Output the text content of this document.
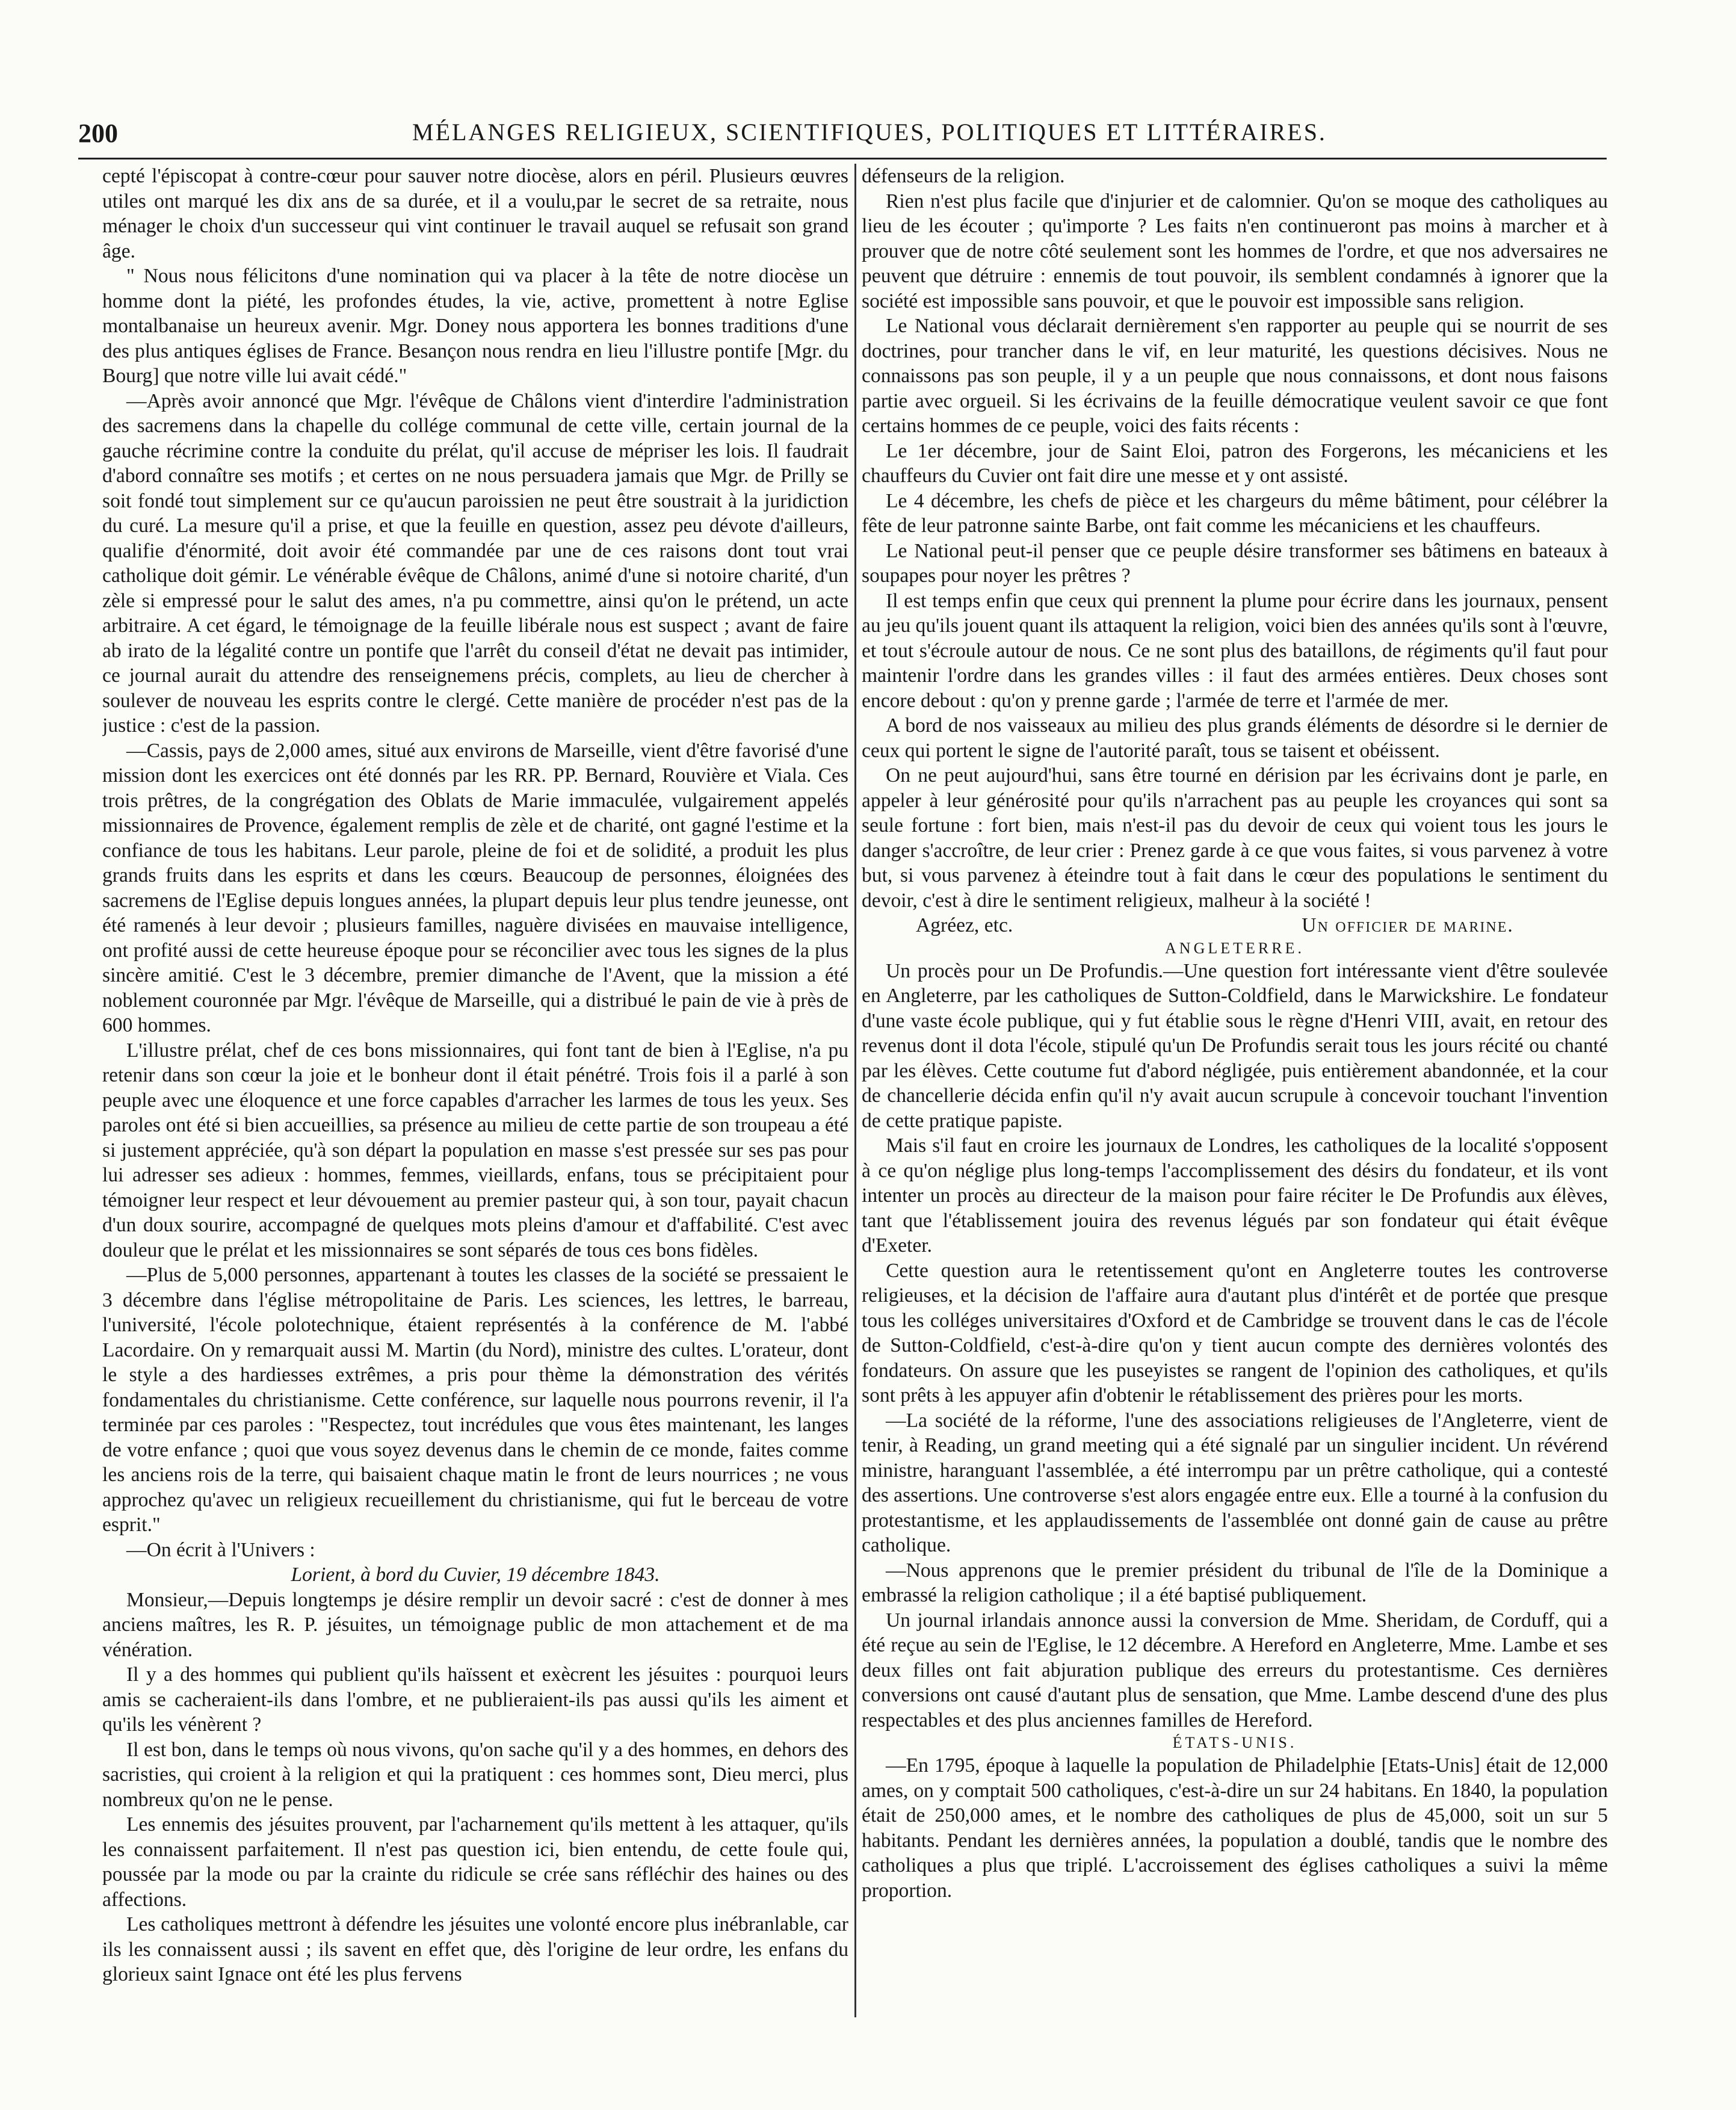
200	MÉLANGES RELIGIEUX, SCIENTIFIQUES, POLITIQUES ET LITTÉRAIRES.

cepté l'épiscopat à contre-cœur pour sauver notre diocèse, alors en péril. Plusieurs œuvres utiles ont marqué les dix ans de sa durée, et il a voulu,par le secret de sa retraite, nous ménager le choix d'un successeur qui vint continuer le travail auquel se refusait son grand âge.

" Nous nous félicitons d'une nomination qui va placer à la tête de notre diocèse un homme dont la piété, les profondes études, la vie, active, promettent à notre Eglise montalbanaise un heureux avenir. Mgr. Doney nous apportera les bonnes traditions d'une des plus antiques églises de France. Besançon nous rendra en lieu l'illustre pontife [Mgr. du Bourg] que notre ville lui avait cédé."

—Après avoir annoncé que Mgr. l'évêque de Châlons vient d'interdire l'administration des sacremens dans la chapelle du collége communal de cette ville, certain journal de la gauche récrimine contre la conduite du prélat, qu'il accuse de mépriser les lois. Il faudrait d'abord connaître ses motifs ; et certes on ne nous persuadera jamais que Mgr. de Prilly se soit fondé tout simplement sur ce qu'aucun paroissien ne peut être soustrait à la juridiction du curé. La mesure qu'il a prise, et que la feuille en question, assez peu dévote d'ailleurs, qualifie d'énormité, doit avoir été commandée par une de ces raisons dont tout vrai catholique doit gémir. Le vénérable évêque de Châlons, animé d'une si notoire charité, d'un zèle si empressé pour le salut des ames, n'a pu commettre, ainsi qu'on le prétend, un acte arbitraire. A cet égard, le témoignage de la feuille libérale nous est suspect ; avant de faire ab irato de la légalité contre un pontife que l'arrêt du conseil d'état ne devait pas intimider, ce journal aurait du attendre des renseignemens précis, complets, au lieu de chercher à soulever de nouveau les esprits contre le clergé. Cette manière de procéder n'est pas de la justice : c'est de la passion.

—Cassis, pays de 2,000 ames, situé aux environs de Marseille, vient d'être favorisé d'une mission dont les exercices ont été donnés par les RR. PP. Bernard, Rouvière et Viala. Ces trois prêtres, de la congrégation des Oblats de Marie immaculée, vulgairement appelés missionnaires de Provence, également remplis de zèle et de charité, ont gagné l'estime et la confiance de tous les habitans. Leur parole, pleine de foi et de solidité, a produit les plus grands fruits dans les esprits et dans les cœurs. Beaucoup de personnes, éloignées des sacremens de l'Eglise depuis longues années, la plupart depuis leur plus tendre jeunesse, ont été ramenés à leur devoir ; plusieurs familles, naguère divisées en mauvaise intelligence, ont profité aussi de cette heureuse époque pour se réconcilier avec tous les signes de la plus sincère amitié. C'est le 3 décembre, premier dimanche de l'Avent, que la mission a été noblement couronnée par Mgr. l'évêque de Marseille, qui a distribué le pain de vie à près de 600 hommes.

L'illustre prélat, chef de ces bons missionnaires, qui font tant de bien à l'Eglise, n'a pu retenir dans son cœur la joie et le bonheur dont il était pénétré. Trois fois il a parlé à son peuple avec une éloquence et une force capables d'arracher les larmes de tous les yeux. Ses paroles ont été si bien accueillies, sa présence au milieu de cette partie de son troupeau a été si justement appréciée, qu'à son départ la population en masse s'est pressée sur ses pas pour lui adresser ses adieux : hommes, femmes, vieillards, enfans, tous se précipitaient pour témoigner leur respect et leur dévouement au premier pasteur qui, à son tour, payait chacun d'un doux sourire, accompagné de quelques mots pleins d'amour et d'affabilité. C'est avec douleur que le prélat et les missionnaires se sont séparés de tous ces bons fidèles.

—Plus de 5,000 personnes, appartenant à toutes les classes de la société se pressaient le 3 décembre dans l'église métropolitaine de Paris. Les sciences, les lettres, le barreau, l'université, l'école polotechnique, étaient représentés à la conférence de M. l'abbé Lacordaire. On y remarquait aussi M. Martin (du Nord), ministre des cultes. L'orateur, dont le style a des hardiesses extrêmes, a pris pour thème la démonstration des vérités fondamentales du christianisme. Cette conférence, sur laquelle nous pourrons revenir, il l'a terminée par ces paroles : "Respectez, tout incrédules que vous êtes maintenant, les langes de votre enfance ; quoi que vous soyez devenus dans le chemin de ce monde, faites comme les anciens rois de la terre, qui baisaient chaque matin le front de leurs nourrices ; ne vous approchez qu'avec un religieux recueillement du christianisme, qui fut le berceau de votre esprit."

—On écrit à l'Univers :

Lorient, à bord du Cuvier, 19 décembre 1843.

Monsieur,—Depuis longtemps je désire remplir un devoir sacré : c'est de donner à mes anciens maîtres, les R. P. jésuites, un témoignage public de mon attachement et de ma vénération.

Il y a des hommes qui publient qu'ils haïssent et exècrent les jésuites : pourquoi leurs amis se cacheraient-ils dans l'ombre, et ne publieraient-ils pas aussi qu'ils les aiment et qu'ils les vénèrent ?

Il est bon, dans le temps où nous vivons, qu'on sache qu'il y a des hommes, en dehors des sacristies, qui croient à la religion et qui la pratiquent : ces hommes sont, Dieu merci, plus nombreux qu'on ne le pense.

Les ennemis des jésuites prouvent, par l'acharnement qu'ils mettent à les attaquer, qu'ils les connaissent parfaitement. Il n'est pas question ici, bien entendu, de cette foule qui, poussée par la mode ou par la crainte du ridicule se crée sans réfléchir des haines ou des affections.

Les catholiques mettront à défendre les jésuites une volonté encore plus inébranlable, car ils les connaissent aussi ; ils savent en effet que, dès l'origine de leur ordre, les enfans du glorieux saint Ignace ont été les plus fervens

défenseurs de la religion.

Rien n'est plus facile que d'injurier et de calomnier. Qu'on se moque des catholiques au lieu de les écouter ; qu'importe ? Les faits n'en continueront pas moins à marcher et à prouver que de notre côté seulement sont les hommes de l'ordre, et que nos adversaires ne peuvent que détruire : ennemis de tout pouvoir, ils semblent condamnés à ignorer que la société est impossible sans pouvoir, et que le pouvoir est impossible sans religion.

Le National vous déclarait dernièrement s'en rapporter au peuple qui se nourrit de ses doctrines, pour trancher dans le vif, en leur maturité, les questions décisives. Nous ne connaissons pas son peuple, il y a un peuple que nous connaissons, et dont nous faisons partie avec orgueil. Si les écrivains de la feuille démocratique veulent savoir ce que font certains hommes de ce peuple, voici des faits récents :

Le 1er décembre, jour de Saint Eloi, patron des Forgerons, les mécaniciens et les chauffeurs du Cuvier ont fait dire une messe et y ont assisté.

Le 4 décembre, les chefs de pièce et les chargeurs du même bâtiment, pour célébrer la fête de leur patronne sainte Barbe, ont fait comme les mécaniciens et les chauffeurs.

Le National peut-il penser que ce peuple désire transformer ses bâtimens en bateaux à soupapes pour noyer les prêtres ?

Il est temps enfin que ceux qui prennent la plume pour écrire dans les journaux, pensent au jeu qu'ils jouent quant ils attaquent la religion, voici bien des années qu'ils sont à l'œuvre, et tout s'écroule autour de nous. Ce ne sont plus des bataillons, de régiments qu'il faut pour maintenir l'ordre dans les grandes villes : il faut des armées entières. Deux choses sont encore debout : qu'on y prenne garde ; l'armée de terre et l'armée de mer.

A bord de nos vaisseaux au milieu des plus grands éléments de désordre si le dernier de ceux qui portent le signe de l'autorité paraît, tous se taisent et obéissent.

On ne peut aujourd'hui, sans être tourné en dérision par les écrivains dont je parle, en appeler à leur générosité pour qu'ils n'arrachent pas au peuple les croyances qui sont sa seule fortune : fort bien, mais n'est-il pas du devoir de ceux qui voient tous les jours le danger s'accroître, de leur crier : Prenez garde à ce que vous faites, si vous parvenez à votre but, si vous parvenez à éteindre tout à fait dans le cœur des populations le sentiment du devoir, c'est à dire le sentiment religieux, malheur à la société !

Agréez, etc.	Un officier de marine.

ANGLETERRE.

Un procès pour un De Profundis.—Une question fort intéressante vient d'être soulevée en Angleterre, par les catholiques de Sutton-Coldfield, dans le Marwickshire. Le fondateur d'une vaste école publique, qui y fut établie sous le règne d'Henri VIII, avait, en retour des revenus dont il dota l'école, stipulé qu'un De Profundis serait tous les jours récité ou chanté par les élèves. Cette coutume fut d'abord négligée, puis entièrement abandonnée, et la cour de chancellerie décida enfin qu'il n'y avait aucun scrupule à concevoir touchant l'invention de cette pratique papiste.

Mais s'il faut en croire les journaux de Londres, les catholiques de la localité s'opposent à ce qu'on néglige plus long-temps l'accomplissement des désirs du fondateur, et ils vont intenter un procès au directeur de la maison pour faire réciter le De Profundis aux élèves, tant que l'établissement jouira des revenus légués par son fondateur qui était évêque d'Exeter.

Cette question aura le retentissement qu'ont en Angleterre toutes les controverse religieuses, et la décision de l'affaire aura d'autant plus d'intérêt et de portée que presque tous les colléges universitaires d'Oxford et de Cambridge se trouvent dans le cas de l'école de Sutton-Coldfield, c'est-à-dire qu'on y tient aucun compte des dernières volontés des fondateurs. On assure que les puseyistes se rangent de l'opinion des catholiques, et qu'ils sont prêts à les appuyer afin d'obtenir le rétablissement des prières pour les morts.

—La société de la réforme, l'une des associations religieuses de l'Angleterre, vient de tenir, à Reading, un grand meeting qui a été signalé par un singulier incident. Un révérend ministre, haranguant l'assemblée, a été interrompu par un prêtre catholique, qui a contesté des assertions. Une controverse s'est alors engagée entre eux. Elle a tourné à la confusion du protestantisme, et les applaudissements de l'assemblée ont donné gain de cause au prêtre catholique.

—Nous apprenons que le premier président du tribunal de l'île de la Dominique a embrassé la religion catholique ; il a été baptisé publiquement.

Un journal irlandais annonce aussi la conversion de Mme. Sheridam, de Corduff, qui a été reçue au sein de l'Eglise, le 12 décembre. A Hereford en Angleterre, Mme. Lambe et ses deux filles ont fait abjuration publique des erreurs du protestantisme. Ces dernières conversions ont causé d'autant plus de sensation, que Mme. Lambe descend d'une des plus respectables et des plus anciennes familles de Hereford.

ÉTATS-UNIS.

—En 1795, époque à laquelle la population de Philadelphie [Etats-Unis] était de 12,000 ames, on y comptait 500 catholiques, c'est-à-dire un sur 24 habitans. En 1840, la population était de 250,000 ames, et le nombre des catholiques de plus de 45,000, soit un sur 5 habitants. Pendant les dernières années, la population a doublé, tandis que le nombre des catholiques a plus que triplé. L'accroissement des églises catholiques a suivi la même proportion.
